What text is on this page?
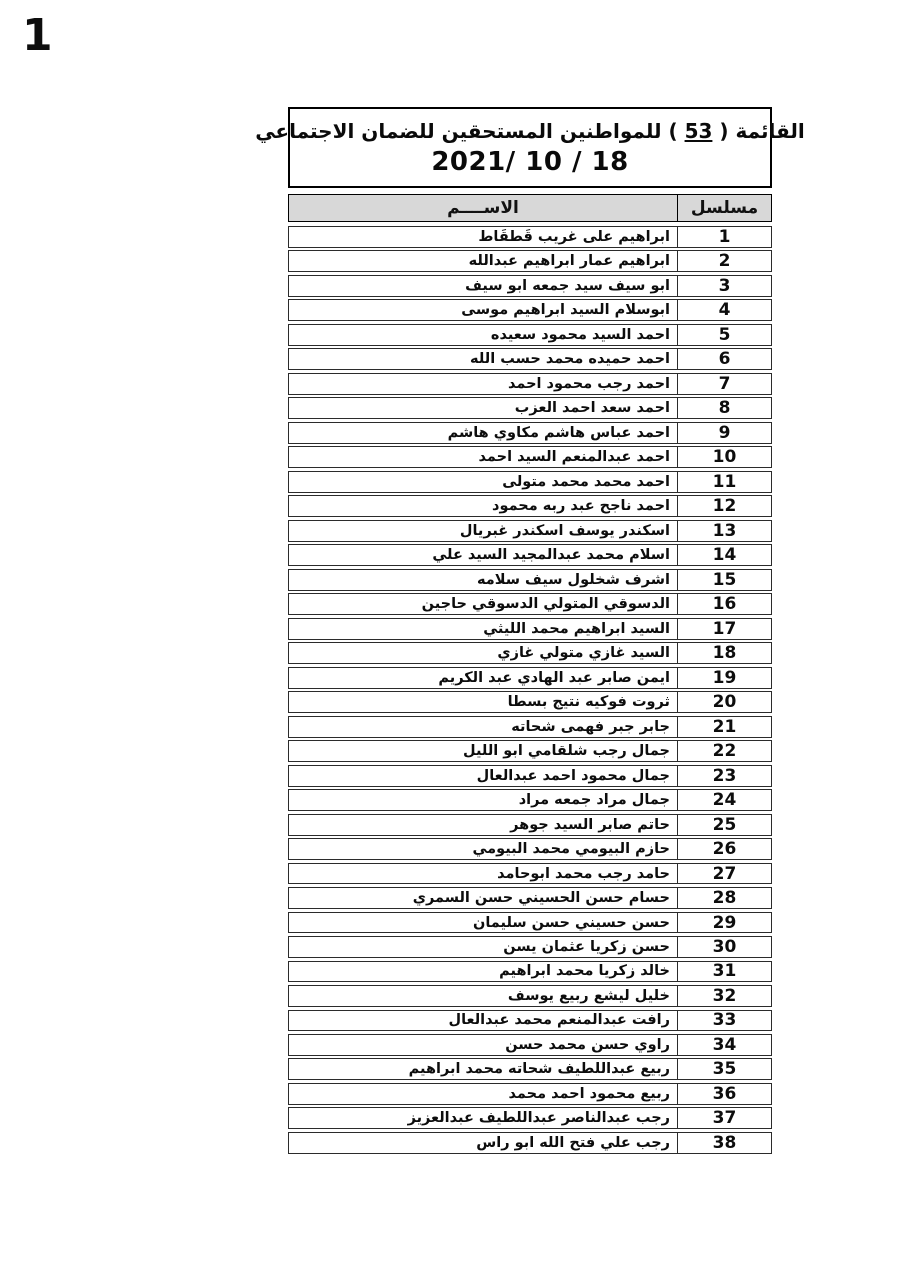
1
القائمة ( 53 ) للمواطنين المستحقين للضمان الاجتماعي
2021/ 10 / 18
مسلسل
الاســــم
1
ابراهيم على غريب قَطقَاط
2
ابراهيم عمار ابراهيم عبدالله
3
ابو سيف سيد جمعه ابو سيف
4
ابوسلام السيد ابراهيم موسى
5
احمد السيد محمود سعيده
6
احمد حميده محمد حسب الله
7
احمد رجب محمود احمد
8
احمد سعد احمد العزب
9
احمد عباس هاشم مكاوي هاشم
10
احمد عبدالمنعم السيد احمد
11
احمد محمد محمد متولى
12
احمد ناجح عبد ربه محمود
13
اسكندر يوسف اسكندر غبريال
14
اسلام محمد عبدالمجيد السيد علي
15
اشرف شخلول سيف سلامه
16
الدسوقي المتولي الدسوقي حاجين
17
السيد ابراهيم محمد الليثي
18
السيد غازي متولي غازي
19
ايمن صابر عبد الهادي عبد الكريم
20
ثروت فوكيه نتيج بسطا
21
جابر جبر فهمى شحاته
22
جمال رجب شلقامي ابو الليل
23
جمال محمود احمد عبدالعال
24
جمال مراد جمعه مراد
25
حاتم صابر السيد جوهر
26
حازم البيومي محمد البيومي
27
حامد رجب محمد ابوحامد
28
حسام حسن الحسيني حسن السمري
29
حسن حسيني حسن سليمان
30
حسن زكريا عثمان يسن
31
خالد زكريا محمد ابراهيم
32
خليل ليشع ربيع يوسف
33
رافت عبدالمنعم محمد عبدالعال
34
راوي حسن محمد حسن
35
ربيع عبداللطيف شحاته محمد ابراهيم
36
ربيع محمود احمد محمد
37
رجب عبدالناصر عبداللطيف عبدالعزيز
38
رجب علي فتح الله ابو راس
